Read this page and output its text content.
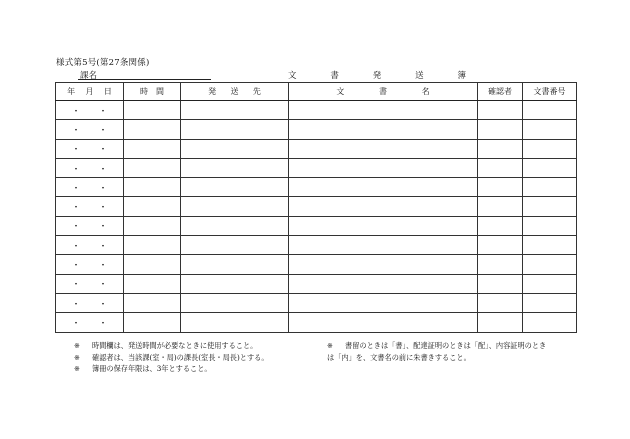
様式第5号(第27条関係)
課名	文	書	発	送	簿
年 月 日	時 間	発 送 先	文 書 名	確認者	文書番号

・ ・					

・ ・					

・ ・					

・ ・					

・ ・					

・ ・					

・ ・					

・ ・					

・ ・					

・ ・					

・ ・					

・ ・					

※	時間欄は、発送時間が必要なときに使用すること。
※	確認者は、当該課(室・局)の課長(室長・局長)とする。
※	簿冊の保存年限は、3年とすること。
※	書留のときは「書」、配達証明のときは「配」、内容証明のとき
は「内」を、文書名の前に朱書きすること。
